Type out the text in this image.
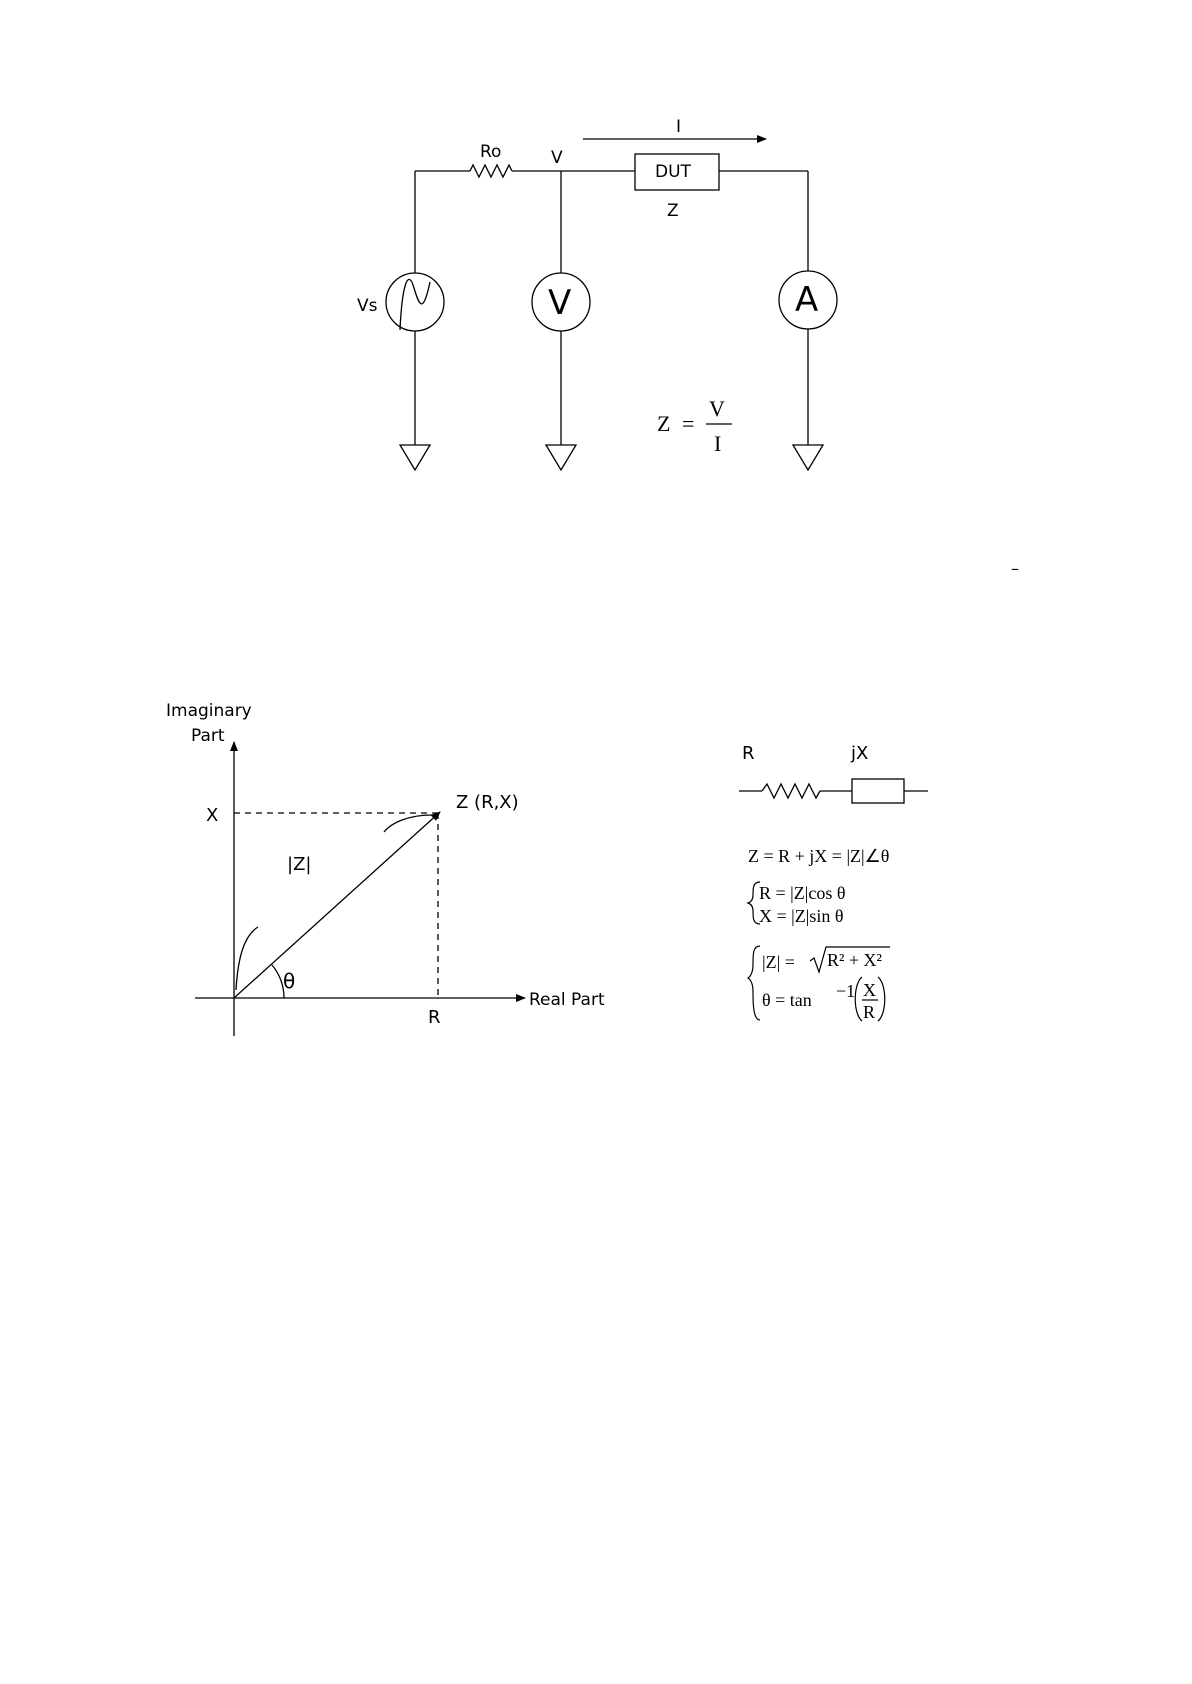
I
Ro	V
DUT
Z
Vs	V	A
Z =
V
I
–
Imaginary
Part
X
Z (R,X)
|Z|
θ
R
Real Part
R	jX
Z = R + jX = |Z|∠θ
R = |Z|cos θ
X = |Z|sin θ
|Z| = R² + X²
θ = tan −1 X
R
